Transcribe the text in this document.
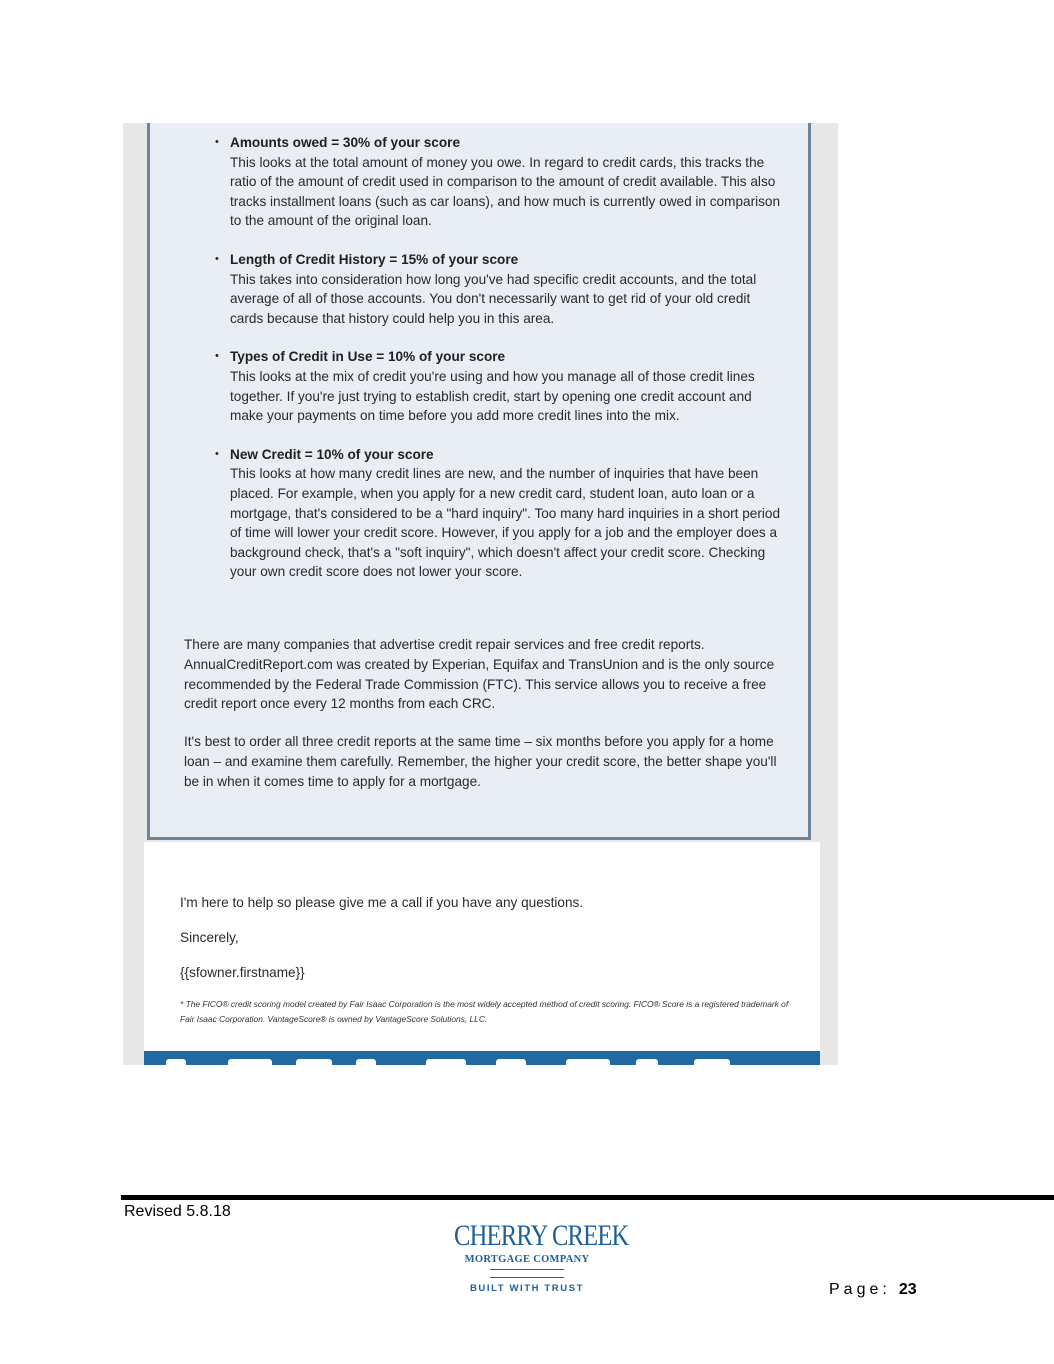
• Amounts owed = 30% of your score
This looks at the total amount of money you owe. In regard to credit cards, this tracks the ratio of the amount of credit used in comparison to the amount of credit available. This also tracks installment loans (such as car loans), and how much is currently owed in comparison to the amount of the original loan.
• Length of Credit History = 15% of your score
This takes into consideration how long you've had specific credit accounts, and the total average of all of those accounts. You don't necessarily want to get rid of your old credit cards because that history could help you in this area.
• Types of Credit in Use = 10% of your score
This looks at the mix of credit you're using and how you manage all of those credit lines together. If you're just trying to establish credit, start by opening one credit account and make your payments on time before you add more credit lines into the mix.
• New Credit = 10% of your score
This looks at how many credit lines are new, and the number of inquiries that have been placed. For example, when you apply for a new credit card, student loan, auto loan or a mortgage, that's considered to be a "hard inquiry". Too many hard inquiries in a short period of time will lower your credit score. However, if you apply for a job and the employer does a background check, that's a "soft inquiry", which doesn't affect your credit score. Checking your own credit score does not lower your score.

There are many companies that advertise credit repair services and free credit reports. AnnualCreditReport.com was created by Experian, Equifax and TransUnion and is the only source recommended by the Federal Trade Commission (FTC). This service allows you to receive a free credit report once every 12 months from each CRC.

It's best to order all three credit reports at the same time – six months before you apply for a home loan – and examine them carefully. Remember, the higher your credit score, the better shape you'll be in when it comes time to apply for a mortgage.

I'm here to help so please give me a call if you have any questions.

Sincerely,

{{sfowner.firstname}}

* The FICO® credit scoring model created by Fair Isaac Corporation is the most widely accepted method of credit scoring. FICO® Score is a registered trademark of Fair Isaac Corporation. VantageScore® is owned by VantageScore Solutions, LLC.
Revised 5.8.18
CHERRY CREEK
MORTGAGE COMPANY
BUILT WITH TRUST	Page: 23
